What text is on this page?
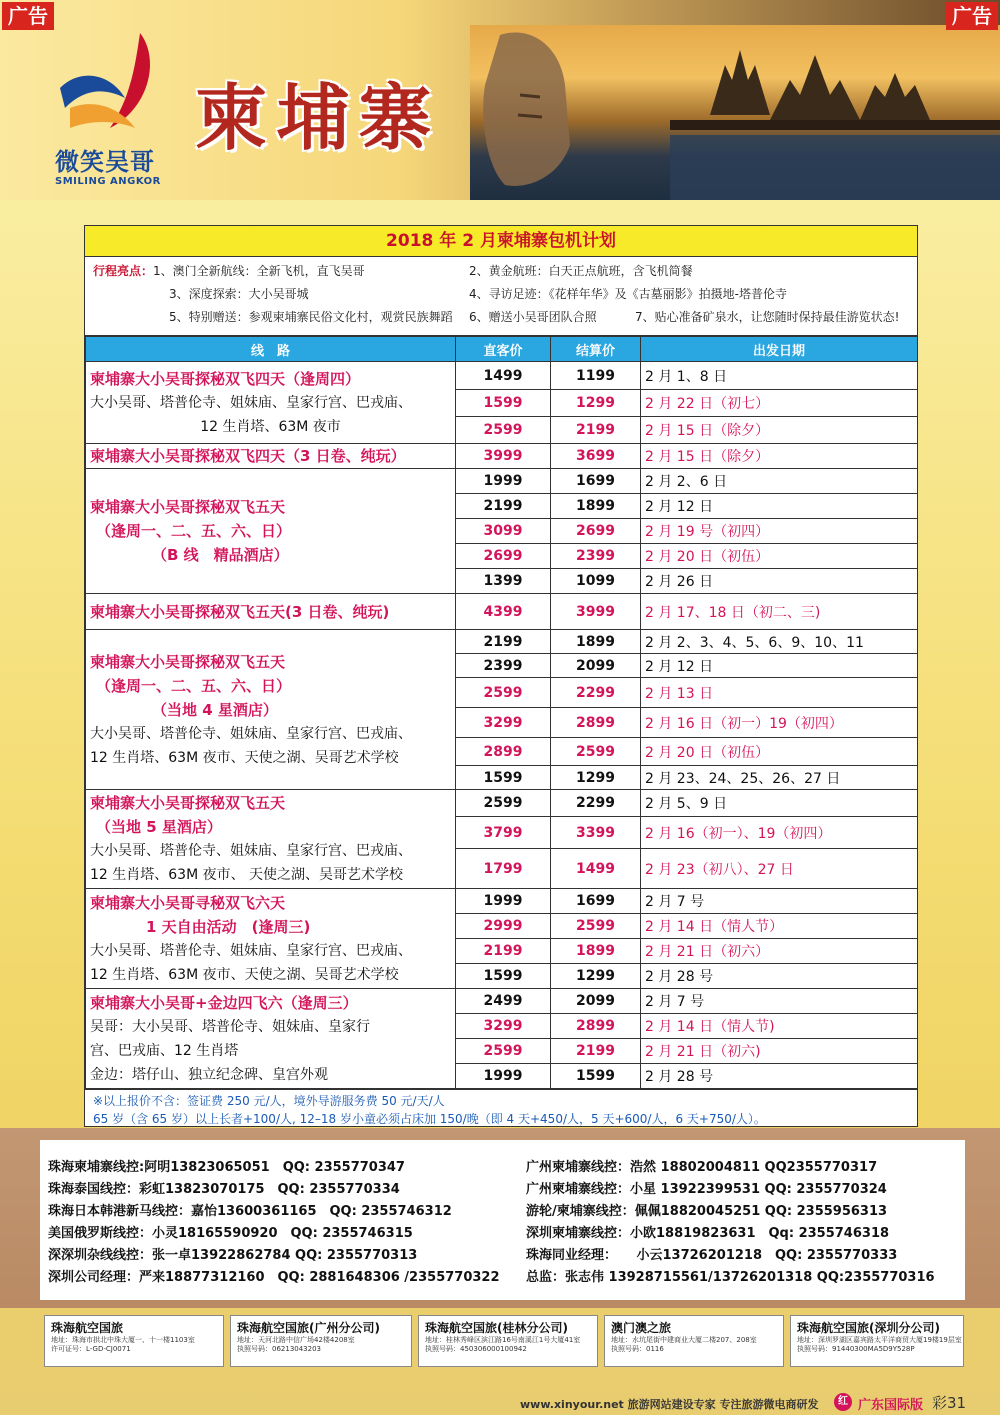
微笑吴哥
SMILING ANGKOR
柬埔寨
广告	广告
2018 年 2 月柬埔寨包机计划
行程亮点：1、澳门全新航线：全新飞机，直飞吴哥	2、黄金航班：白天正点航班，含飞机简餐
3、深度探索：大小吴哥城	4、寻访足迹：《花样年华》及《古墓丽影》拍摄地-塔普伦寺
5、特别赠送：参观柬埔寨民俗文化村，观赏民族舞蹈 6、赠送小吴哥团队合照	7、贴心准备矿泉水，让您随时保持最佳游览状态!
线　路	直客价	结算价	出发日期

柬埔寨大小吴哥探秘双飞四天（逢周四）
大小吴哥、塔普伦寺、姐妹庙、皇家行宫、巴戎庙、
12 生肖塔、63M 夜市	1499	1199	2 月 1、8 日
	1599	1299	2 月 22 日（初七）
	2599	2199	2 月 15 日（除夕）

柬埔寨大小吴哥探秘双飞四天（3 日卷、纯玩）	3999	3699	2 月 15 日（除夕）

柬埔寨大小吴哥探秘双飞五天
（逢周一、二、五、六、日）
（B 线　精品酒店）	1999	1699	2 月 2、6 日
	2199	1899	2 月 12 日
	3099	2699	2 月 19 号（初四）
	2699	2399	2 月 20 日（初伍）
	1399	1099	2 月 26 日

柬埔寨大小吴哥探秘双飞五天(3 日卷、纯玩)	4399	3999	2 月 17、18 日（初二、三)

柬埔寨大小吴哥探秘双飞五天
（逢周一、二、五、六、日）
（当地 4 星酒店）
大小吴哥、塔普伦寺、姐妹庙、皇家行宫、巴戎庙、
12 生肖塔、63M 夜市、天使之湖、吴哥艺术学校	2199	1899	2 月 2、3、4、5、6、9、10、11
	2399	2099	2 月 12 日
	2599	2299	2 月 13 日
	3299	2899	2 月 16 日（初一）19（初四）
	2899	2599	2 月 20 日（初伍）
	1599	1299	2 月 23、24、25、26、27 日

柬埔寨大小吴哥探秘双飞五天
（当地 5 星酒店）
大小吴哥、塔普伦寺、姐妹庙、皇家行宫、巴戎庙、
12 生肖塔、63M 夜市、 天使之湖、吴哥艺术学校	2599	2299	2 月 5、9 日
	3799	3399	2 月 16（初一）、19（初四）
	1799	1499	2 月 23（初八）、27 日

柬埔寨大小吴哥寻秘双飞六天
1 天自由活动　(逢周三)
大小吴哥、塔普伦寺、姐妹庙、皇家行宫、巴戎庙、
12 生肖塔、63M 夜市、天使之湖、吴哥艺术学校	1999	1699	2 月 7 号
	2999	2599	2 月 14 日（情人节）
	2199	1899	2 月 21 日（初六）
	1599	1299	2 月 28 号

柬埔寨大小吴哥+金边四飞六（逢周三）
吴哥：大小吴哥、塔普伦寺、姐妹庙、皇家行
宫、巴戎庙、12 生肖塔
金边：塔仔山、独立纪念碑、皇宫外观	2499	2099	2 月 7 号
	3299	2899	2 月 14 日（情人节)
	2599	2199	2 月 21 日（初六)
	1999	1599	2 月 28 号
※以上报价不含：签证费 250 元/人，境外导游服务费 50 元/天/人
65 岁（含 65 岁）以上长者+100/人, 12–18 岁小童必须占床加 150/晚（即 4 天+450/人，5 天+600/人，6 天+750/人）。
珠海柬埔寨线控:阿明13823065051　QQ: 2355770347
珠海泰国线控：彩虹13823070175　QQ: 2355770334
珠海日本韩港新马线控：嘉怡13600361165　QQ: 2355746312
美国俄罗斯线控：小灵18165590920　QQ: 2355746315
深深圳杂线线控：张一卓13922862784 QQ: 2355770313
深圳公司经理：严来18877312160　QQ: 2881648306 /2355770322
广州柬埔寨线控：浩然 18802004811 QQ2355770317
广州柬埔寨线控：小星 13922399531 QQ: 2355770324
游轮/柬埔寨线控：佩佩18820045251 QQ: 2355956313
深圳柬埔寨线控：小欧18819823631　Qq: 2355746318
珠海同业经理：　　小云13726201218　QQ: 2355770333
总监：张志伟 13928715561/13726201318 QQ:2355770316
珠海航空国旅
地址：珠海市拱北中珠大厦一、十一楼1103室
许可证号：L-GD-CJ0071
珠海航空国旅(广州分公司)
地址：天河北路中信广场42楼4208室
执照号码：06213043203
珠海航空国旅(桂林分公司)
地址：桂林秀峰区滨江路16号南溪江1号大厦41室
执照号码：450306000100942
澳门澳之旅
地址：水坑尾街中建商业大厦二楼207、208室
执照号码：0116
珠海航空国旅(深圳分公司)
地址：深圳罗湖区嘉宾路太平洋商贸大厦19楼19层室
执照号码：91440300MA5D9Y528P
www.xinyour.net 旅游网站建设专家 专注旅游微电商研发	红 广东国际版 彩31
